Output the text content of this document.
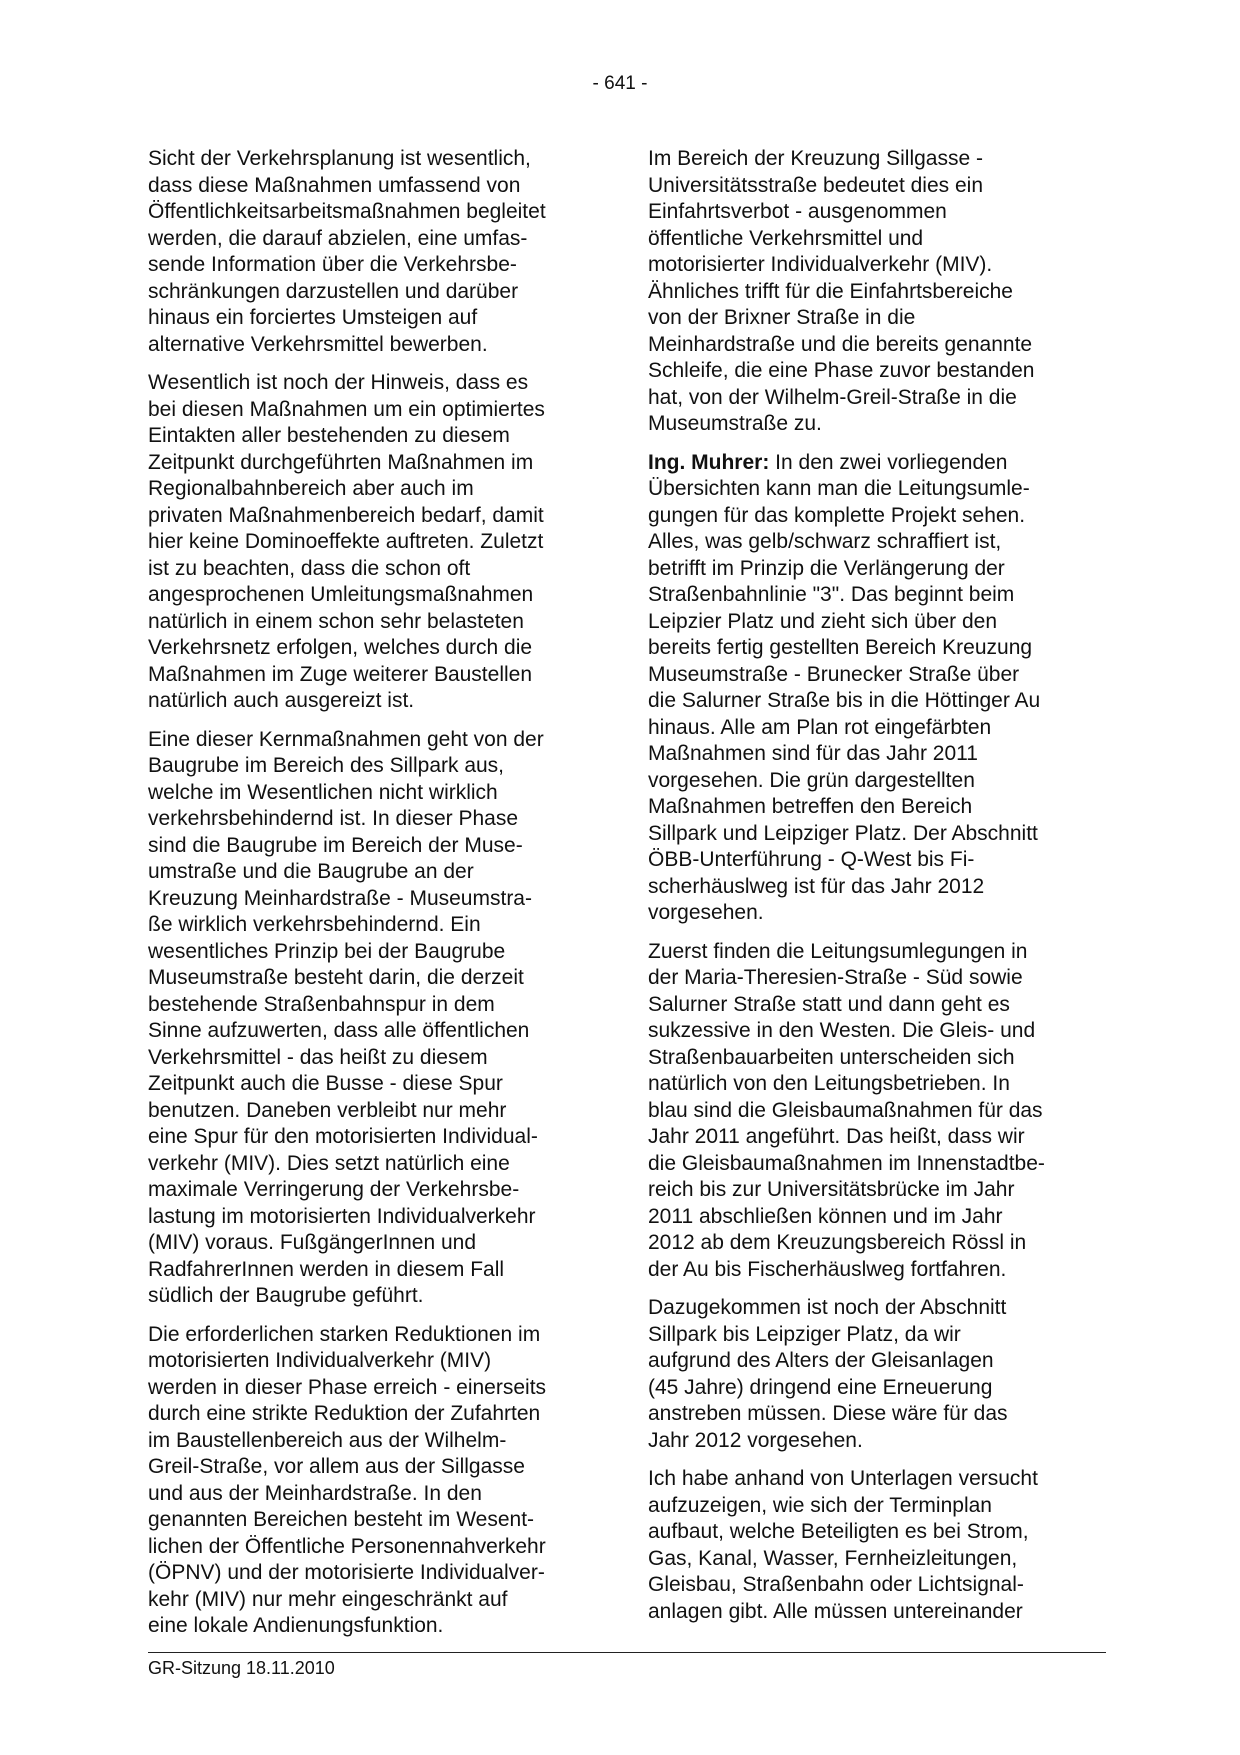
- 641 -

Sicht der Verkehrsplanung ist wesentlich,
dass diese Maßnahmen umfassend von
Öffentlichkeitsarbeitsmaßnahmen begleitet
werden, die darauf abzielen, eine umfas-
sende Information über die Verkehrsbe-
schränkungen darzustellen und darüber
hinaus ein forciertes Umsteigen auf
alternative Verkehrsmittel bewerben.

Wesentlich ist noch der Hinweis, dass es
bei diesen Maßnahmen um ein optimiertes
Eintakten aller bestehenden zu diesem
Zeitpunkt durchgeführten Maßnahmen im
Regionalbahnbereich aber auch im
privaten Maßnahmenbereich bedarf, damit
hier keine Dominoeffekte auftreten. Zuletzt
ist zu beachten, dass die schon oft
angesprochenen Umleitungsmaßnahmen
natürlich in einem schon sehr belasteten
Verkehrsnetz erfolgen, welches durch die
Maßnahmen im Zuge weiterer Baustellen
natürlich auch ausgereizt ist.

Eine dieser Kernmaßnahmen geht von der
Baugrube im Bereich des Sillpark aus,
welche im Wesentlichen nicht wirklich
verkehrsbehindernd ist. In dieser Phase
sind die Baugrube im Bereich der Muse-
umstraße und die Baugrube an der
Kreuzung Meinhardstraße - Museumstra-
ße wirklich verkehrsbehindernd. Ein
wesentliches Prinzip bei der Baugrube
Museumstraße besteht darin, die derzeit
bestehende Straßenbahnspur in dem
Sinne aufzuwerten, dass alle öffentlichen
Verkehrsmittel - das heißt zu diesem
Zeitpunkt auch die Busse - diese Spur
benutzen. Daneben verbleibt nur mehr
eine Spur für den motorisierten Individual-
verkehr (MIV). Dies setzt natürlich eine
maximale Verringerung der Verkehrsbe-
lastung im motorisierten Individualverkehr
(MIV) voraus. FußgängerInnen und
RadfahrerInnen werden in diesem Fall
südlich der Baugrube geführt.

Die erforderlichen starken Reduktionen im
motorisierten Individualverkehr (MIV)
werden in dieser Phase erreich - einerseits
durch eine strikte Reduktion der Zufahrten
im Baustellenbereich aus der Wilhelm-
Greil-Straße, vor allem aus der Sillgasse
und aus der Meinhardstraße. In den
genannten Bereichen besteht im Wesent-
lichen der Öffentliche Personennahverkehr
(ÖPNV) und der motorisierte Individualver-
kehr (MIV) nur mehr eingeschränkt auf
eine lokale Andienungsfunktion.

Im Bereich der Kreuzung Sillgasse -
Universitätsstraße bedeutet dies ein
Einfahrtsverbot - ausgenommen
öffentliche Verkehrsmittel und
motorisierter Individualverkehr (MIV).
Ähnliches trifft für die Einfahrtsbereiche
von der Brixner Straße in die
Meinhardstraße und die bereits genannte
Schleife, die eine Phase zuvor bestanden
hat, von der Wilhelm-Greil-Straße in die
Museumstraße zu.

Ing. Muhrer: In den zwei vorliegenden
Übersichten kann man die Leitungsumle-
gungen für das komplette Projekt sehen.
Alles, was gelb/schwarz schraffiert ist,
betrifft im Prinzip die Verlängerung der
Straßenbahnlinie "3". Das beginnt beim
Leipzier Platz und zieht sich über den
bereits fertig gestellten Bereich Kreuzung
Museumstraße - Brunecker Straße über
die Salurner Straße bis in die Höttinger Au
hinaus. Alle am Plan rot eingefärbten
Maßnahmen sind für das Jahr 2011
vorgesehen. Die grün dargestellten
Maßnahmen betreffen den Bereich
Sillpark und Leipziger Platz. Der Abschnitt
ÖBB-Unterführung - Q-West bis Fi-
scherhäuslweg ist für das Jahr 2012
vorgesehen.

Zuerst finden die Leitungsumlegungen in
der Maria-Theresien-Straße - Süd sowie
Salurner Straße statt und dann geht es
sukzessive in den Westen. Die Gleis- und
Straßenbauarbeiten unterscheiden sich
natürlich von den Leitungsbetrieben. In
blau sind die Gleisbaumaßnahmen für das
Jahr 2011 angeführt. Das heißt, dass wir
die Gleisbaumaßnahmen im Innenstadtbe-
reich bis zur Universitätsbrücke im Jahr
2011 abschließen können und im Jahr
2012 ab dem Kreuzungsbereich Rössl in
der Au bis Fischerhäuslweg fortfahren.

Dazugekommen ist noch der Abschnitt
Sillpark bis Leipziger Platz, da wir
aufgrund des Alters der Gleisanlagen
(45 Jahre) dringend eine Erneuerung
anstreben müssen. Diese wäre für das
Jahr 2012 vorgesehen.

Ich habe anhand von Unterlagen versucht
aufzuzeigen, wie sich der Terminplan
aufbaut, welche Beteiligten es bei Strom,
Gas, Kanal, Wasser, Fernheizleitungen,
Gleisbau, Straßenbahn oder Lichtsignal-
anlagen gibt. Alle müssen untereinander

GR-Sitzung 18.11.2010
